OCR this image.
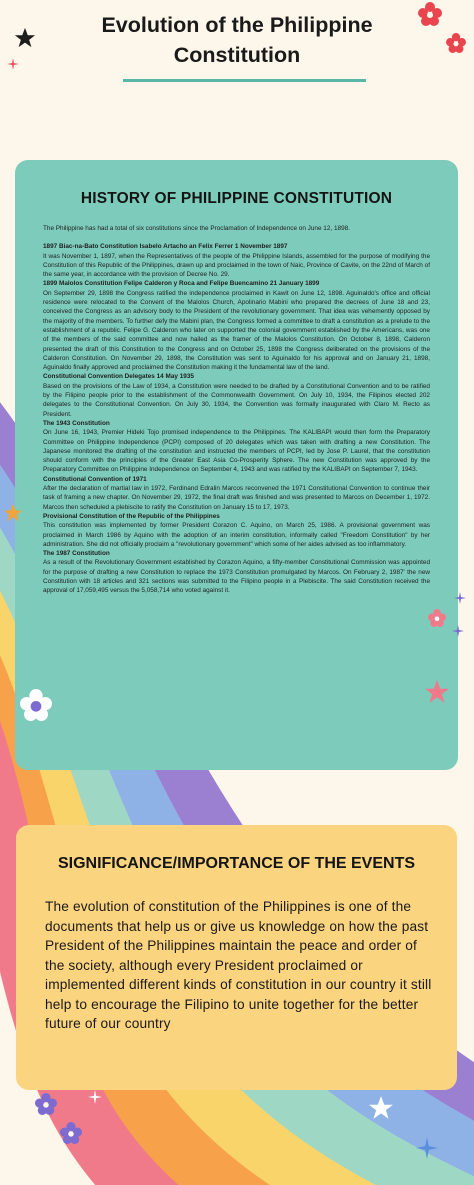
Evolution of the Philippine Constitution
HISTORY OF PHILIPPINE CONSTITUTION

The Philippine has had a total of six constitutions since the Proclamation of Independence on June 12, 1898.

1897 Biac-na-Bato Constitution Isabelo Artacho an Felix Ferrer 1 November 1897

It was November 1, 1897, when the Representatives of the people of the Philippine Islands, assembled for the purpose of modifying the Constitution of this Republic of the Philippines, drawn up and proclaimed in the town of Naic, Province of Cavite, on the 22nd of March of the same year, in accordance with the provision of Decree No. 29.

1899 Malolos Constitution Felipe Calderon y Roca and Felipe Buencamino 21 January 1899

On September 29, 1898 the Congress ratified the independence proclaimed in Kawit on June 12, 1898. Aguinaldo's office and official residence were relocated to the Convent of the Malolos Church, Apolinario Mabini who prepared the decrees of June 18 and 23, conceived the Congress as an advisory body to the President of the revolutionary government. That idea was vehemently opposed by the majority of the members. To further defy the Mabini plan, the Congress formed a committee to draft a constitution as a prelude to the establishment of a republic. Felipe G. Calderon who later on supported the colonial government established by the Americans, was one of the members of the said committee and now hailed as the framer of the Malolos Constitution. On October 8, 1898, Calderon presented the draft of this Constitution to the Congress and on October 25, 1898 the Congress deliberated on the provisions of the Calderon Constitution. On November 29, 1898, the Constitution was sent to Aguinaldo for his approval and on January 21, 1898, Aguinaldo finally approved and proclaimed the Constitution making it the fundamental law of the land.

Constitutional Convention Delegates 14 May 1935

Based on the provisions of the Law of 1934, a Constitution were needed to be drafted by a Constitutional Convention and to be ratified by the Filipino people prior to the establishment of the Commonwealth Government. On July 10, 1934, the Filipinos elected 202 delegates to the Constitutional Convention. On July 30, 1934, the Convention was formally inaugurated with Claro M. Recto as President.

The 1943 Constitution

On June 16, 1943, Premier Hideki Tojo promised independence to the Philippines. The KALIBAPI would then form the Preparatory Committee on Philippine Independence (PCPI) composed of 20 delegates which was taken with drafting a new Constitution. The Japanese monitored the drafting of the constitution and instructed the members of PCPI, led by Jose P. Laurel, that the constitution should conform with the principles of the Greater East Asia Co-Prosperity Sphere. The new Constitution was approved by the Preparatory Committee on Philippine Independence on September 4, 1943 and was ratified by the KALIBAPI on September 7, 1943.

Constitutional Convention of 1971

After the declaration of martial law in 1972, Ferdinand Edralin Marcos reconvened the 1971 Constitutional Convention to continue their task of framing a new chapter. On November 29, 1972, the final draft was finished and was presented to Marcos on December 1, 1972. Marcos then scheduled a plebiscite to ratify the Constitution on January 15 to 17, 1973.

Provisional Constitution of the Republic of the Philippines

This constitution was implemented by former President Corazon C. Aquino, on March 25, 1986. A provisional government was proclaimed in March 1986 by Aquino with the adoption of an interim constitution, informally called "Freedom Constitution" by her administration. She did not officially proclaim a "revolutionary government" which some of her aides advised as too inflammatory.

The 1987 Constitution

As a result of the Revolutionary Government established by Corazon Aquino, a fifty-member Constitutional Commission was appointed for the purpose of drafting a new Constitution to replace the 1973 Constitution promulgated by Marcos. On February 2, 1987' the new Constitution with 18 articles and 321 sections was submitted to the Filipino people in a Plebiscite. The said Constitution received the approval of 17,059,495 versus the 5,058,714 who voted against it.

SIGNIFICANCE/IMPORTANCE OF THE EVENTS

The evolution of constitution of the Philippines is one of the documents that help us or give us knowledge on how the past President of the Philippines maintain the peace and order of the society, although every President proclaimed or implemented different kinds of constitution in our country it still help to encourage the Filipino to unite together for the better future of our country
